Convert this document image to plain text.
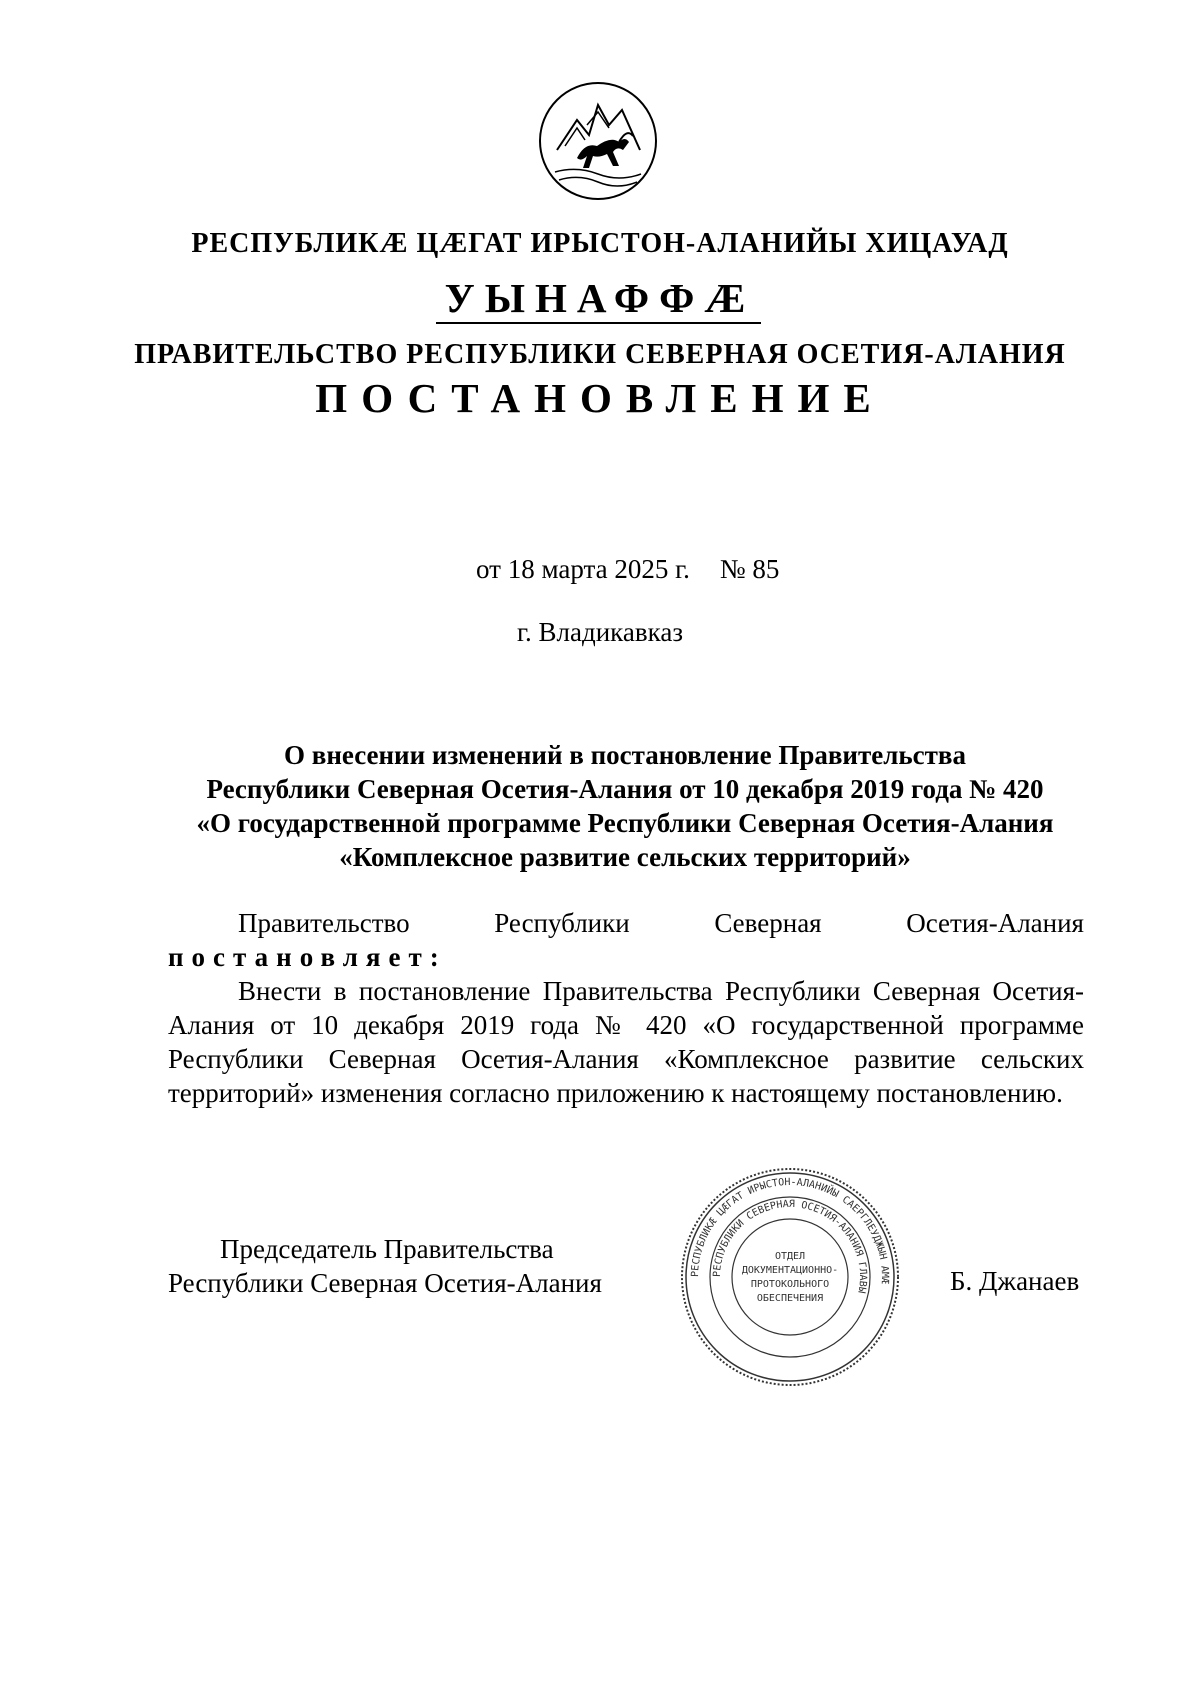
РЕСПУБЛИКÆ ЦÆГАТ ИРЫСТОН-АЛАНИЙЫ ХИЦАУАД
УЫНАФФÆ
ПРАВИТЕЛЬСТВО РЕСПУБЛИКИ СЕВЕРНАЯ ОСЕТИЯ-АЛАНИЯ
ПОСТАНОВЛЕНИЕ
от 18 марта 2025 г. № 85
г. Владикавказ
О внесении изменений в постановление Правительства
Республики Северная Осетия-Алания от 10 декабря 2019 года № 420
«О государственной программе Республики Северная Осетия-Алания
«Комплексное развитие сельских территорий»
Правительство	Республики	Северная	Осетия-Алания
постановляет:
Внести в постановление Правительства Республики Северная Осетия-Алания от 10 декабря 2019 года № 420 «О государственной программе Республики Северная Осетия-Алания «Комплексное развитие сельских территорий» изменения согласно приложению к настоящему постановлению.
Председатель Правительства
Республики Северная Осетия-Алания	Б. Джанаев
РЕСПУБЛИКÆ ЦÆГАТ ИРЫСТОН-АЛАНИЙЫ САЕРГЛЕУДЖЫН АМÆ
РЕСПУБЛИКИ СЕВЕРНАЯ ОСЕТИЯ-АЛАНИЯ ГЛАВЫ
ОТДЕЛ
ДОКУМЕНТАЦИОННО-
ПРОТОКОЛЬНОГО
ОБЕСПЕЧЕНИЯ
